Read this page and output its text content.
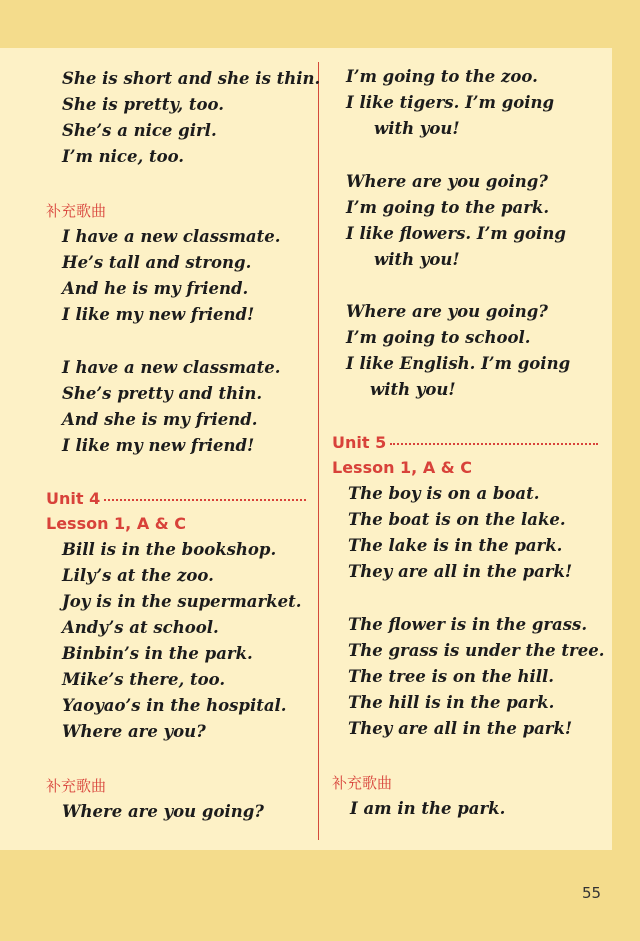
She is short and she is thin.
She is pretty, too.
She’s a nice girl.
I’m nice, too.
补充歌曲
I have a new classmate.
He’s tall and strong.
And he is my friend.
I like my new friend!
I have a new classmate.
She’s pretty and thin.
And she is my friend.
I like my new friend!
Unit 4
Lesson 1, A & C
Bill is in the bookshop.
Lily’s at the zoo.
Joy is in the supermarket.
Andy’s at school.
Binbin’s in the park.
Mike’s there, too.
Yaoyao’s in the hospital.
Where are you?
补充歌曲
Where are you going?
I’m going to the zoo.
I like tigers. I’m going
with you!
Where are you going?
I’m going to the park.
I like flowers. I’m going
with you!
Where are you going?
I’m going to school.
I like English. I’m going
with you!
Unit 5
Lesson 1, A & C
The boy is on a boat.
The boat is on the lake.
The lake is in the park.
They are all in the park!
The flower is in the grass.
The grass is under the tree.
The tree is on the hill.
The hill is in the park.
They are all in the park!
补充歌曲
I am in the park.
55
